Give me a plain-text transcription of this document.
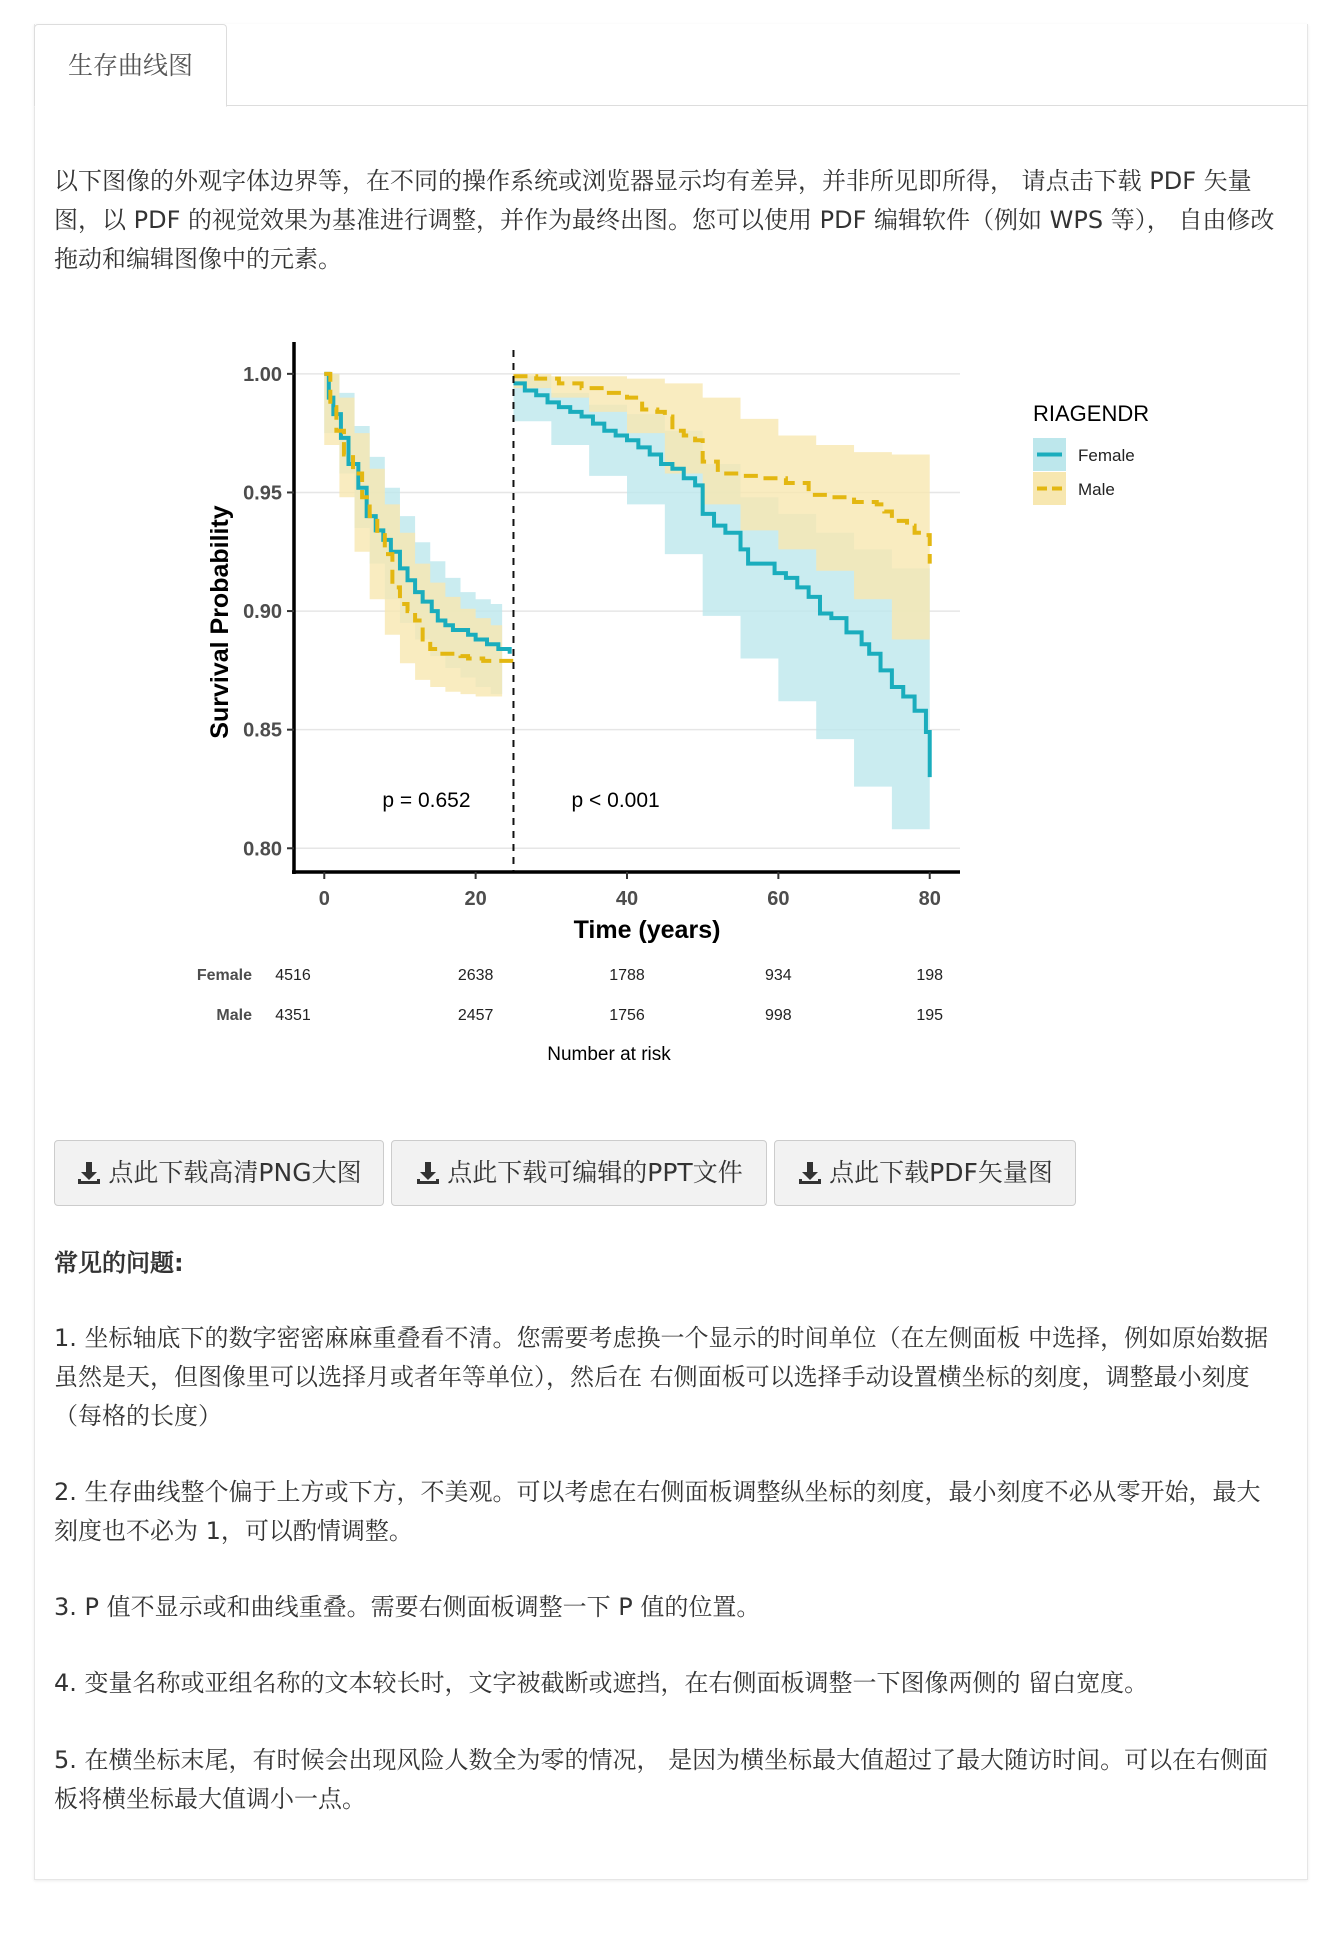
生存曲线图
以下图像的外观字体边界等，在不同的操作系统或浏览器显示均有差异，并非所见即所得， 请点击下载 PDF 矢量图，以 PDF 的视觉效果为基准进行调整，并作为最终出图。您可以使用 PDF 编辑软件（例如 WPS 等）， 自由修改拖动和编辑图像中的元素。
0.80
0.85
0.90
0.95
1.00
0	20	40	60	80
Time (years)
Survival Probability
p = 0.652	p < 0.001
RIAGENDR
Female
Male
Female 4516	2638	1788	934	198
Male 4351	2457	1756	998	195
Number at risk
点此下载高清PNG大图	点此下载可编辑的PPT文件	点此下载PDF矢量图
常见的问题:
1. 坐标轴底下的数字密密麻麻重叠看不清。您需要考虑换一个显示的时间单位（在左侧面板 中选择，例如原始数据虽然是天，但图像里可以选择月或者年等单位），然后在 右侧面板可以选择手动设置横坐标的刻度，调整最小刻度（每格的长度）
2. 生存曲线整个偏于上方或下方，不美观。可以考虑在右侧面板调整纵坐标的刻度，最小刻度不必从零开始，最大刻度也不必为 1，可以酌情调整。
3. P 值不显示或和曲线重叠。需要右侧面板调整一下 P 值的位置。
4. 变量名称或亚组名称的文本较长时，文字被截断或遮挡，在右侧面板调整一下图像两侧的 留白宽度。
5. 在横坐标末尾，有时候会出现风险人数全为零的情况， 是因为横坐标最大值超过了最大随访时间。可以在右侧面板将横坐标最大值调小一点。
